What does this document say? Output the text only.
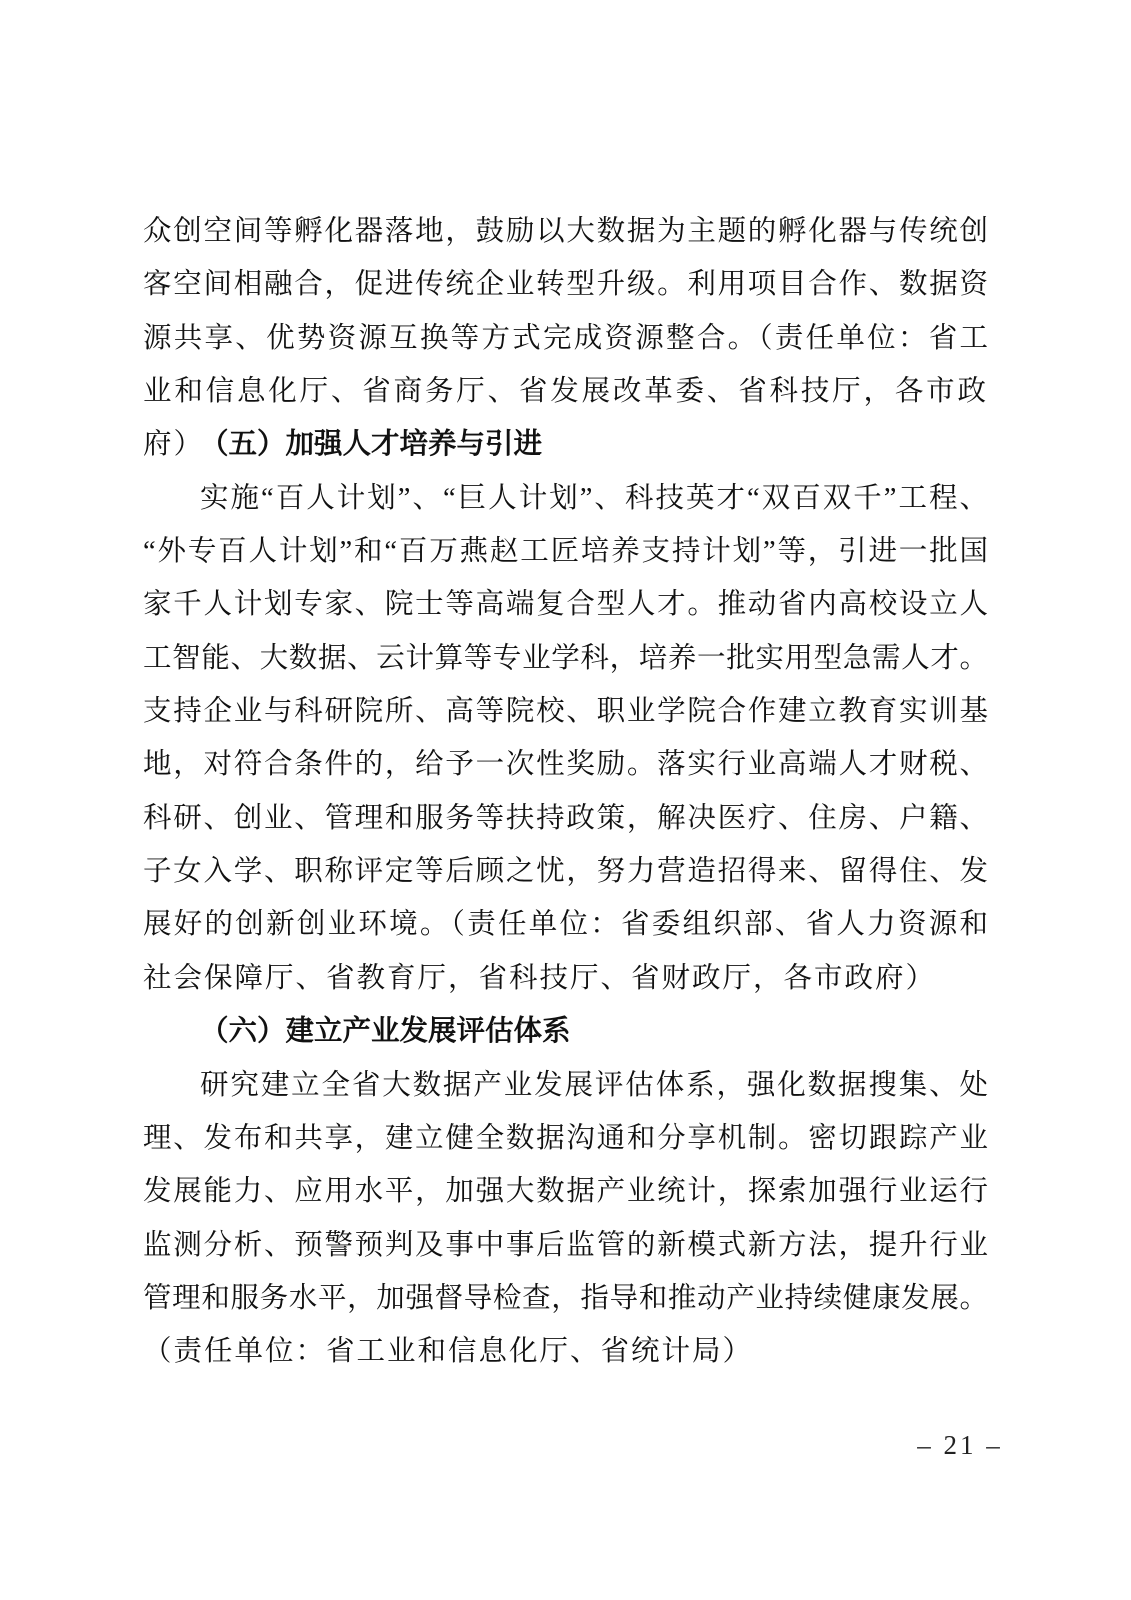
众创空间等孵化器落地，鼓励以大数据为主题的孵化器与传统创
客空间相融合，促进传统企业转型升级。利用项目合作、数据资
源共享、优势资源互换等方式完成资源整合。（责任单位：省工
业和信息化厅、省商务厅、省发展改革委、省科技厅，各市政府）
（五）加强人才培养与引进
实施“百人计划”、“巨人计划”、科技英才“双百双千”工程、
“外专百人计划”和“百万燕赵工匠培养支持计划”等，引进一批国
家千人计划专家、院士等高端复合型人才。推动省内高校设立人
工智能、大数据、云计算等专业学科，培养一批实用型急需人才。
支持企业与科研院所、高等院校、职业学院合作建立教育实训基
地，对符合条件的，给予一次性奖励。落实行业高端人才财税、
科研、创业、管理和服务等扶持政策，解决医疗、住房、户籍、
子女入学、职称评定等后顾之忧，努力营造招得来、留得住、发
展好的创新创业环境。（责任单位：省委组织部、省人力资源和
社会保障厅、省教育厅，省科技厅、省财政厅，各市政府）
（六）建立产业发展评估体系
研究建立全省大数据产业发展评估体系，强化数据搜集、处
理、发布和共享，建立健全数据沟通和分享机制。密切跟踪产业
发展能力、应用水平，加强大数据产业统计，探索加强行业运行
监测分析、预警预判及事中事后监管的新模式新方法，提升行业
管理和服务水平，加强督导检查，指导和推动产业持续健康发展。
（责任单位：省工业和信息化厅、省统计局）
– 21 –
